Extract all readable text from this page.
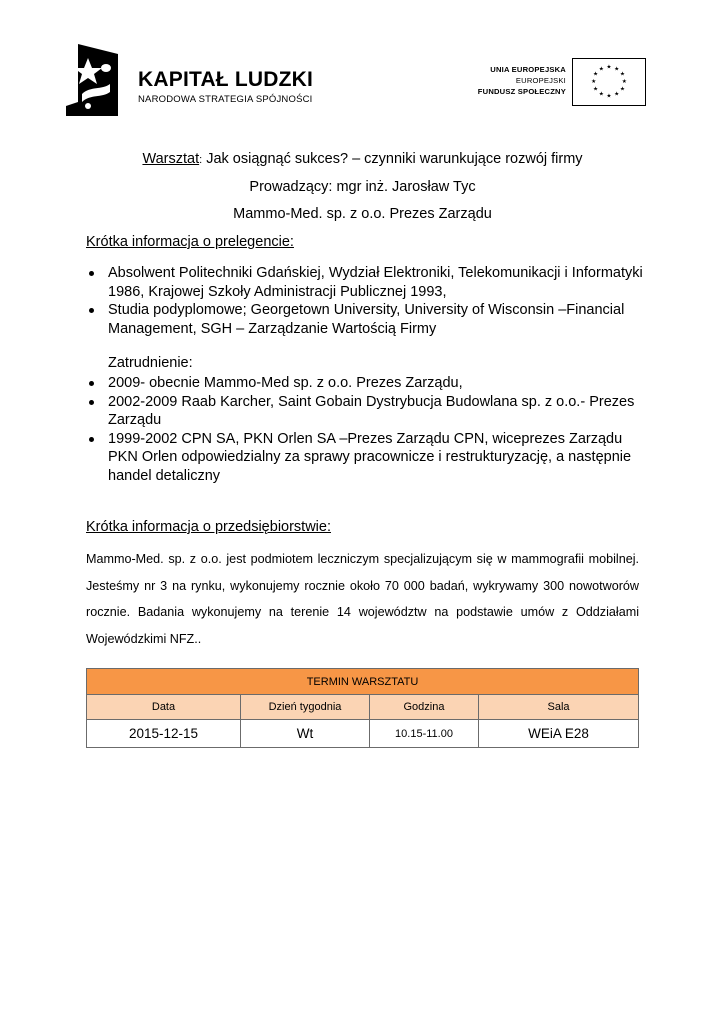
KAPITAŁ LUDZKI
NARODOWA STRATEGIA SPÓJNOŚCI
UNIA EUROPEJSKA
EUROPEJSKI
FUNDUSZ SPOŁECZNY
★ ★
★
★
★
★
★
★
★
★
★
★
Warsztat: Jak osiągnąć sukces? – czynniki warunkujące rozwój firmy
Prowadzący: mgr inż. Jarosław Tyc
Mammo-Med. sp. z o.o. Prezes Zarządu
Krótka informacja o prelegencie:
Absolwent Politechniki Gdańskiej, Wydział Elektroniki, Telekomunikacji i Informatyki 1986, Krajowej Szkoły Administracji Publicznej 1993,
Studia podyplomowe; Georgetown University, University of Wisconsin –Financial Management, SGH – Zarządzanie Wartością Firmy
Zatrudnienie:
2009- obecnie Mammo-Med sp. z o.o. Prezes Zarządu,
2002-2009 Raab Karcher, Saint Gobain Dystrybucja Budowlana sp. z o.o.- Prezes Zarządu
1999-2002 CPN SA, PKN Orlen SA –Prezes Zarządu CPN, wiceprezes Zarządu PKN Orlen odpowiedzialny za sprawy pracownicze i restrukturyzację, a następnie handel detaliczny
Krótka informacja o przedsiębiorstwie:
Mammo-Med. sp. z o.o. jest podmiotem leczniczym specjalizującym się w mammografii mobilnej. Jesteśmy nr 3 na rynku, wykonujemy rocznie około 70 000 badań, wykrywamy 300 nowotworów rocznie. Badania wykonujemy na terenie 14 województw na podstawie umów z Oddziałami Wojewódzkimi NFZ..
TERMIN WARSZTATU			
Data	Dzień tygodnia	Godzina	Sala
2015-12-15	Wt	10.15-11.00	WEiA E28
